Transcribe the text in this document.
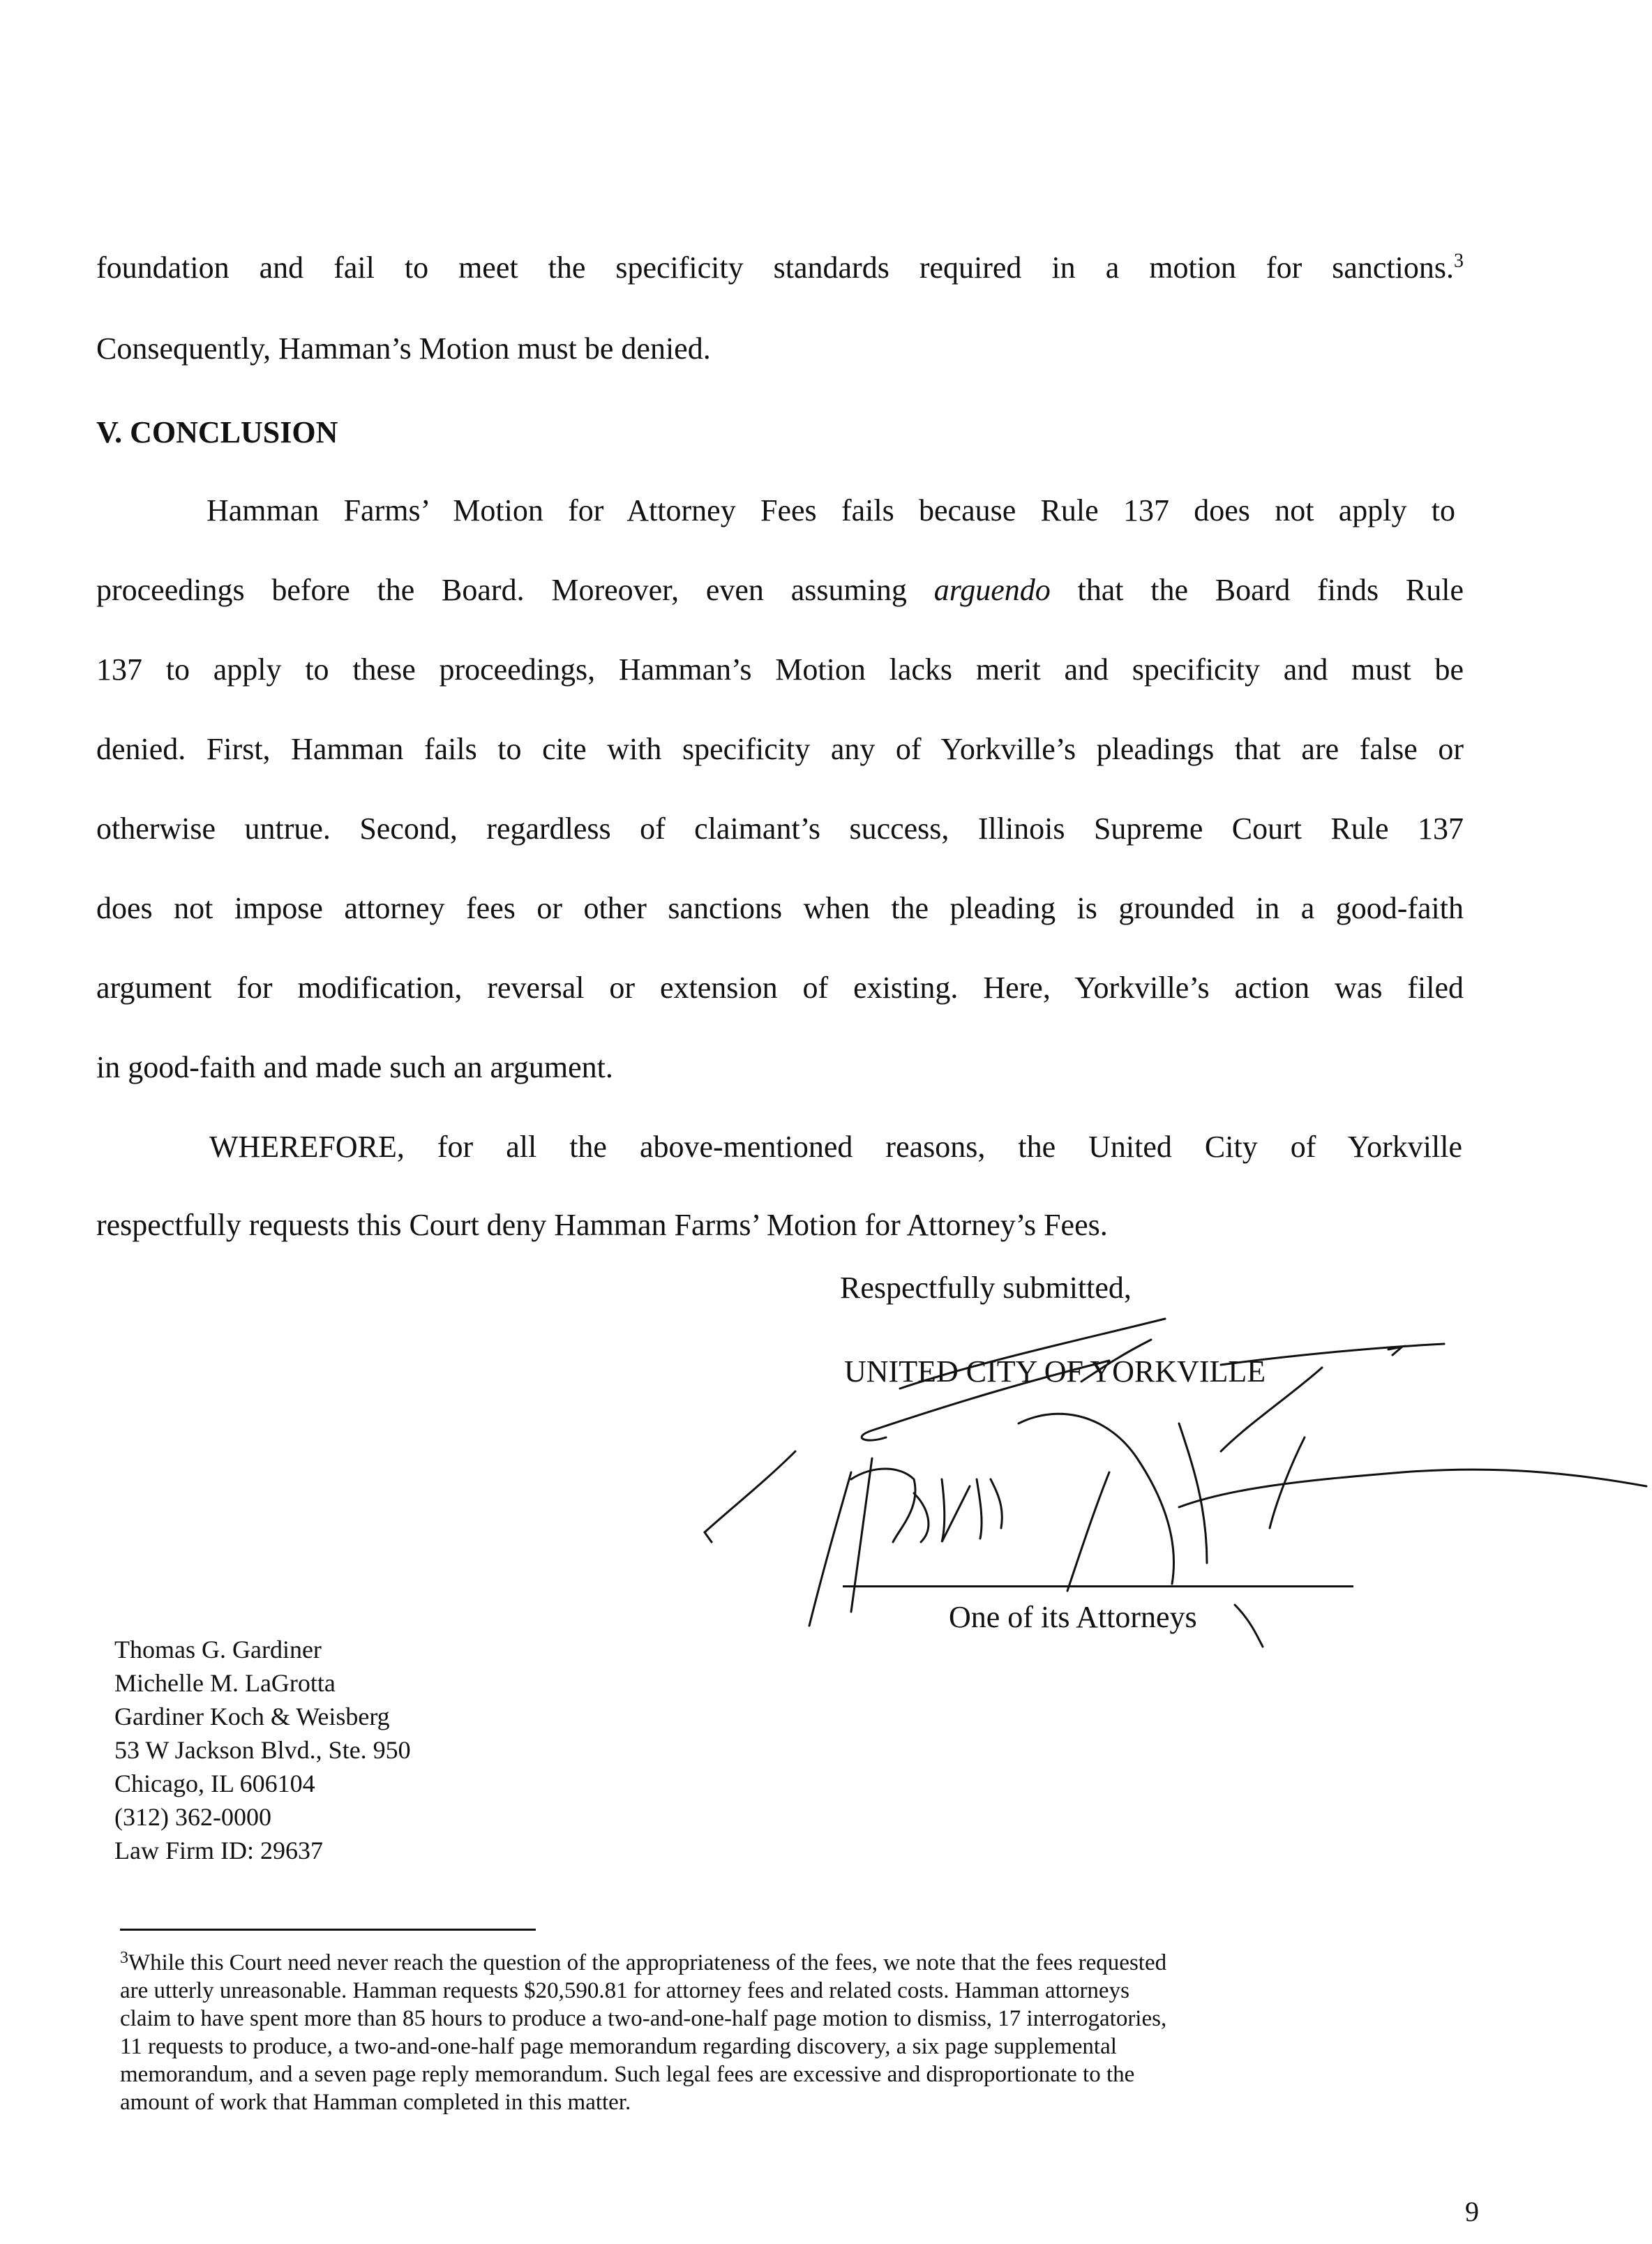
foundation and fail to meet the specificity standards required in a motion for sanctions.$^3$
Consequently, Hamman’s Motion must be denied.
V. CONCLUSION
Hamman Farms’ Motion for Attorney Fees fails because Rule 137 does not apply to
proceedings before the Board. Moreover, even assuming arguendo that the Board finds Rule
137 to apply to these proceedings, Hamman’s Motion lacks merit and specificity and must be
denied. First, Hamman fails to cite with specificity any of Yorkville’s pleadings that are false or
otherwise untrue. Second, regardless of claimant’s success, Illinois Supreme Court Rule 137
does not impose attorney fees or other sanctions when the pleading is grounded in a good-faith
argument for modification, reversal or extension of existing. Here, Yorkville’s action was filed
in good-faith and made such an argument.
WHEREFORE, for all the above-mentioned reasons, the United City of Yorkville
respectfully requests this Court deny Hamman Farms’ Motion for Attorney’s Fees.
Respectfully submitted,
UNITED CITY OF YORKVILLE
One of its Attorneys
Thomas G. Gardiner
Michelle M. LaGrotta
Gardiner Koch & Weisberg
53 W Jackson Blvd., Ste. 950
Chicago, IL 606104
(312) 362-0000
Law Firm ID: 29637
$^3$While this Court need never reach the question of the appropriateness of the fees, we note that the fees requested
are utterly unreasonable. Hamman requests $20,590.81 for attorney fees and related costs. Hamman attorneys
claim to have spent more than 85 hours to produce a two-and-one-half page motion to dismiss, 17 interrogatories,
11 requests to produce, a two-and-one-half page memorandum regarding discovery, a six page supplemental
memorandum, and a seven page reply memorandum. Such legal fees are excessive and disproportionate to the
amount of work that Hamman completed in this matter.
9
